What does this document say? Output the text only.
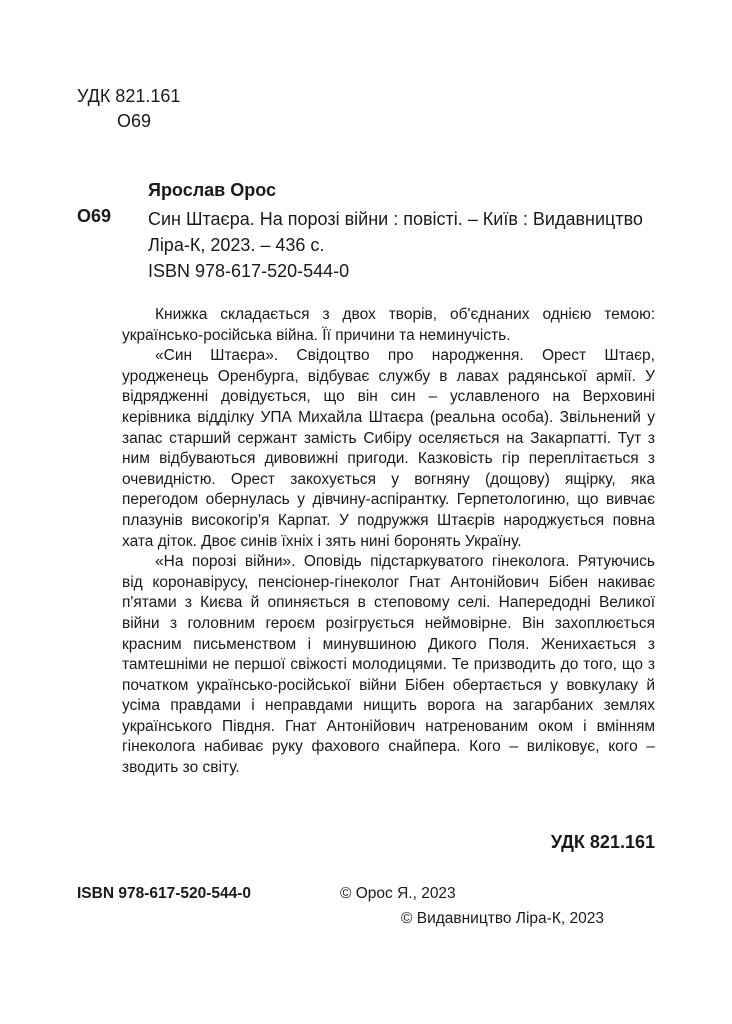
УДК 821.161
О69
Ярослав Орос
О69 Син Штаєра. На порозі війни : повісті. – Київ : Видавництво
Ліра-К, 2023. – 436 с.
ISBN 978-617-520-544-0

Книжка складається з двох творів, об'єднаних однією темою: українсько-російська війна. Її причини та неминучість.

«Син Штаєра». Свідоцтво про народження. Орест Штаєр, уродженець Оренбурга, відбуває службу в лавах радянської армії. У відрядженні довідується, що він син – уславленого на Верховині керівника відділку УПА Михайла Штаєра (реальна особа). Звільнений у запас старший сержант замість Сибіру оселяється на Закарпатті. Тут з ним відбуваються дивовижні пригоди. Казковість гір переплітається з очевидністю. Орест закохується у вогняну (дощову) ящірку, яка перегодом обернулась у дівчину-аспірантку. Герпетологиню, що вивчає плазунів високогір'я Карпат. У подружжя Штаєрів народжується повна хата діток. Двоє синів їхніх і зять нині боронять Україну.

«На порозі війни». Оповідь підстаркуватого гінеколога. Рятуючись від коронавірусу, пенсіонер-гінеколог Гнат Антонійович Бібен накиває п'ятами з Києва й опиняється в степовому селі. Напередодні Великої війни з головним героєм розігрується неймовірне. Він захоплюється красним письменством і минувшиною Дикого Поля. Женихається з тамтешніми не першої свіжості молодицями. Те призводить до того, що з початком українсько-російської війни Бібен обертається у вовкулаку й усіма правдами і неправдами нищить ворога на загарбаних землях українського Півдня. Гнат Антонійович натренованим оком і вмінням гінеколога набиває руку фахового снайпера. Кого – виліковує, кого – зводить зо світу.

УДК 821.161
ISBN 978-617-520-544-0	© Орос Я., 2023
© Видавництво Ліра-К, 2023
